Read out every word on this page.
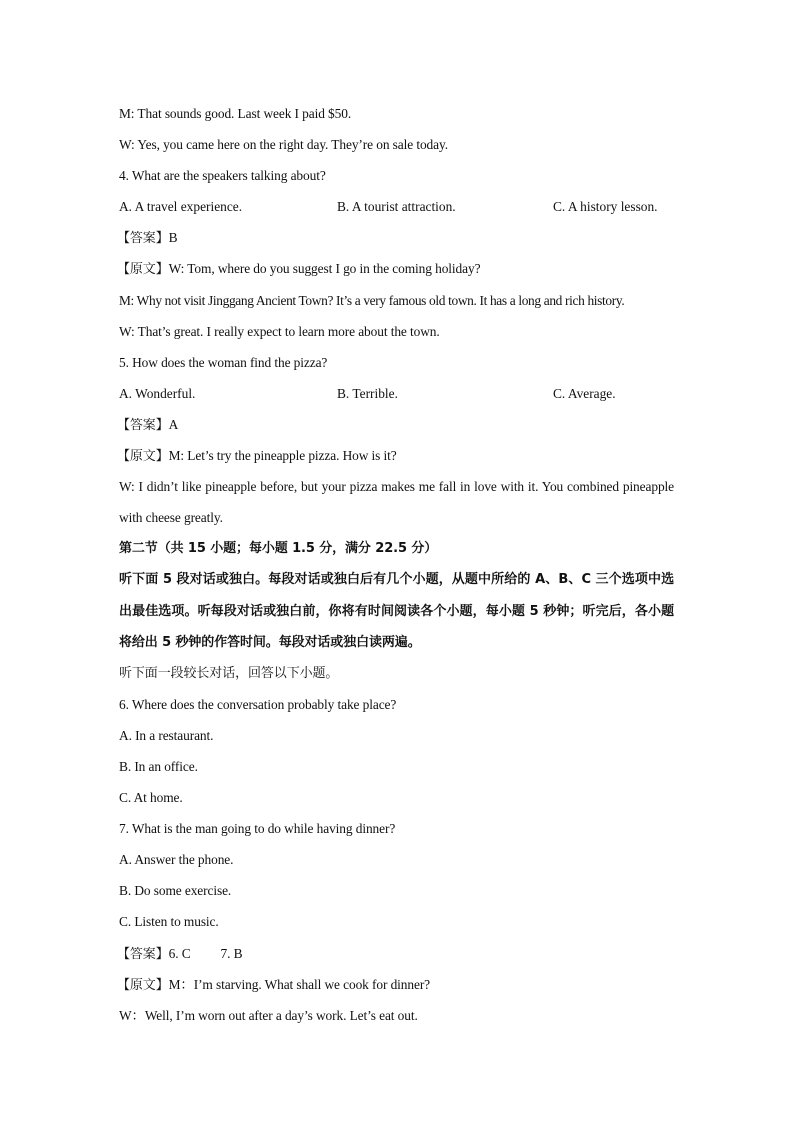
M: That sounds good. Last week I paid $50.
W: Yes, you came here on the right day. They’re on sale today.
4. What are the speakers talking about?
A. A travel experience.	B. A tourist attraction.	C. A history lesson.
【答案】B
【原文】W: Tom, where do you suggest I go in the coming holiday?
M: Why not visit Jinggang Ancient Town? It’s a very famous old town. It has a long and rich history.
W: That’s great. I really expect to learn more about the town.
5. How does the woman find the pizza?
A. Wonderful.	B. Terrible.	C. Average.
【答案】A
【原文】M: Let’s try the pineapple pizza. How is it?
W: I didn’t like pineapple before, but your pizza makes me fall in love with it. You combined pineapple with cheese greatly.
第二节（共 15 小题；每小题 1.5 分，满分 22.5 分）
听下面 5 段对话或独白。每段对话或独白后有几个小题，从题中所给的 A、B、C 三个选项中选出最佳选项。听每段对话或独白前，你将有时间阅读各个小题，每小题 5 秒钟；听完后，各小题将给出 5 秒钟的作答时间。每段对话或独白读两遍。
听下面一段较长对话，回答以下小题。
6. Where does the conversation probably take place?
A. In a restaurant.
B. In an office.
C. At home.
7. What is the man going to do while having dinner?
A. Answer the phone.
B. Do some exercise.
C. Listen to music.
【答案】6. C 7. B
【原文】M：I’m starving. What shall we cook for dinner?
W：Well, I’m worn out after a day’s work. Let’s eat out.
